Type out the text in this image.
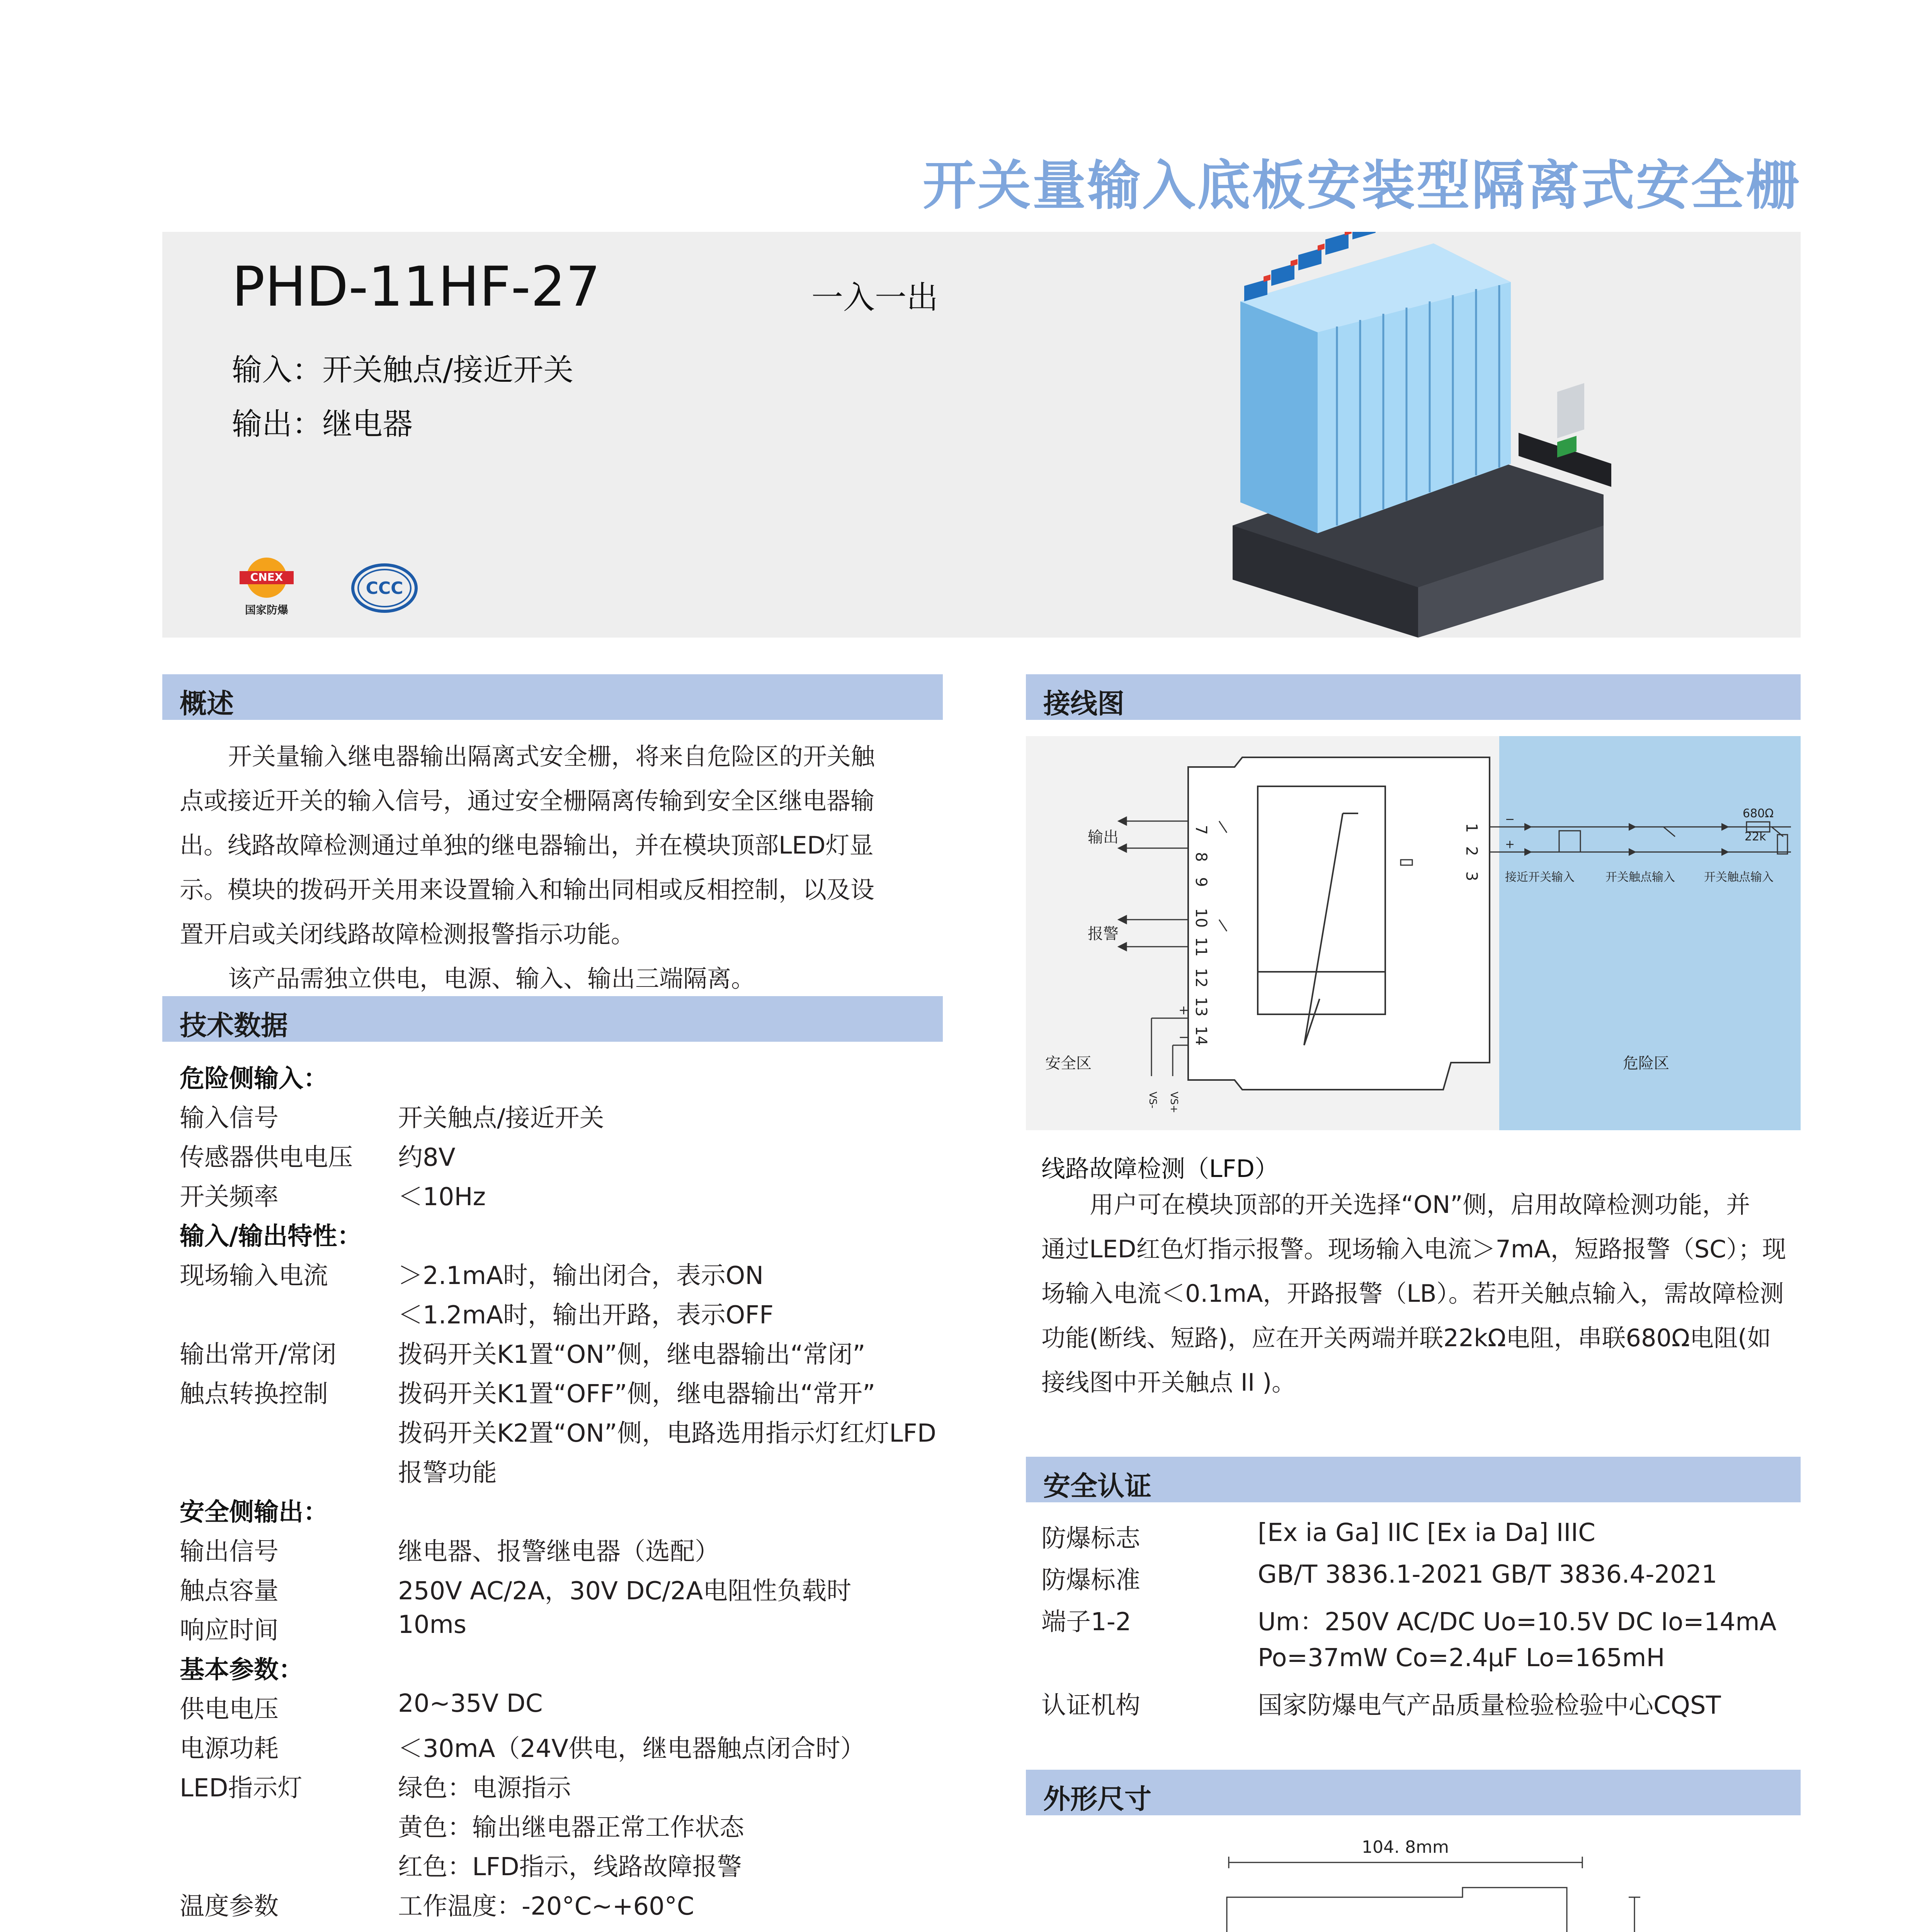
开关量输入底板安装型隔离式安全栅
PHD-11HF-27	一入一出
输入：开关触点/接近开关
输出：继电器
CNEX
国家防爆
CCC
概述
开关量输入继电器输出隔离式安全栅，将来自危险区的开关触
点或接近开关的输入信号，通过安全栅隔离传输到安全区继电器输
出。线路故障检测通过单独的继电器输出，并在模块顶部LED灯显
示。模块的拨码开关用来设置输入和输出同相或反相控制，以及设
置开启或关闭线路故障检测报警指示功能。
该产品需独立供电，电源、输入、输出三端隔离。
技术数据
危险侧输入：
输入信号	开关触点/接近开关
传感器供电电压 约8V
开关频率	＜10Hz
输入/输出特性：
现场输入电流	＞2.1mA时，输出闭合，表示ON
＜1.2mA时，输出开路，表示OFF
输出常开/常闭 拨码开关K1置“ON”侧，继电器输出“常闭”
触点转换控制	拨码开关K1置“OFF”侧，继电器输出“常开”
拨码开关K2置“ON”侧，电路选用指示灯红灯LFD
报警功能
安全侧输出：
输出信号	继电器、报警继电器（选配）
触点容量	250V AC/2A，30V DC/2A电阻性负载时
响应时间	10ms
基本参数：
供电电压	20~35V DC
电源功耗	＜30mA（24V供电，继电器触点闭合时）
LED指示灯	绿色：电源指示
黄色：输出继电器正常工作状态
红色：LFD指示，线路故障报警
温度参数	工作温度：-20°C~+60°C
接线图
7
8
9
10
11
12
13
14
输出
报警
+
−
VS- VS+
安全区	危险区
1
2
3
−
+
680Ω
22k
接近开关输入	开关触点输入	开关触点输入
线路故障检测（LFD）
用户可在模块顶部的开关选择“ON”侧，启用故障检测功能，并
通过LED红色灯指示报警。现场输入电流＞7mA，短路报警（SC）；现
场输入电流＜0.1mA，开路报警（LB）。若开关触点输入，需故障检测
功能(断线、短路)，应在开关两端并联22kΩ电阻，串联680Ω电阻(如
接线图中开关触点 II )。
安全认证
防爆标志	[Ex ia Ga] IIC [Ex ia Da] IIIC
防爆标准	GB/T 3836.1-2021 GB/T 3836.4-2021
端子1-2	Um：250V AC/DC Uo=10.5V DC Io=14mA
Po=37mW Co=2.4μF Lo=165mH
认证机构	国家防爆电气产品质量检验检验中心CQST
外形尺寸
104. 8mm
